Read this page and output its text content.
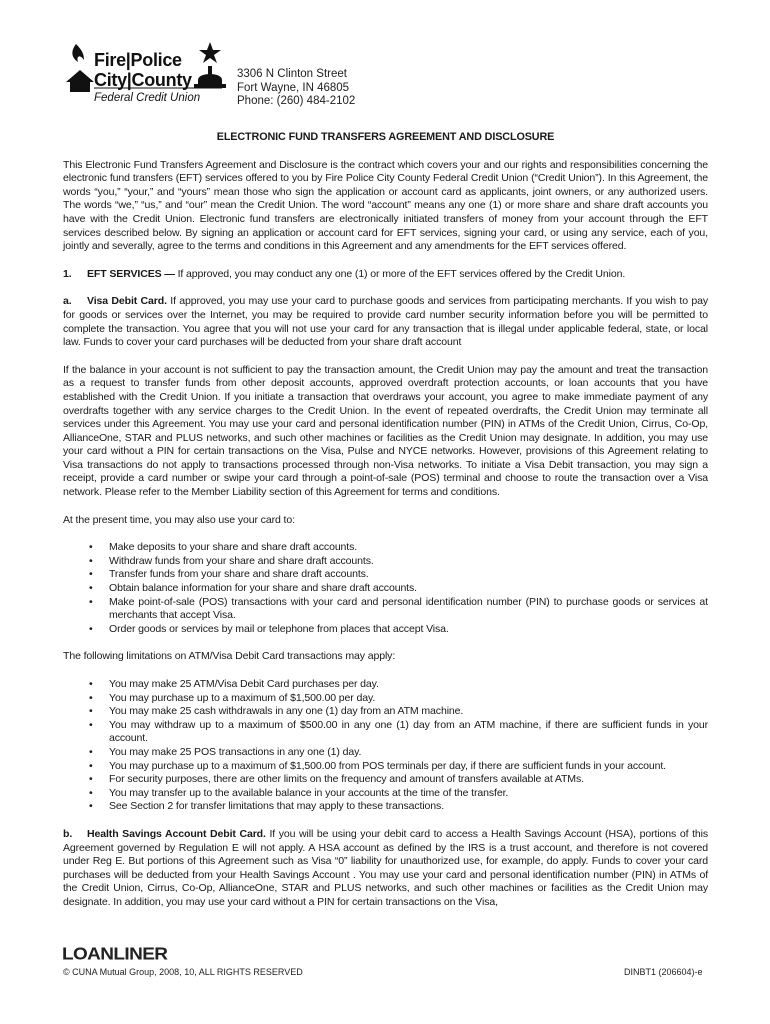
Fire|Police
City|County
Federal Credit Union
3306 N Clinton Street
Fort Wayne, IN 46805
Phone: (260) 484-2102
ELECTRONIC FUND TRANSFERS AGREEMENT AND DISCLOSURE

This Electronic Fund Transfers Agreement and Disclosure is the contract which covers your and our rights and responsibilities concerning the electronic fund transfers (EFT) services offered to you by Fire Police City County Federal Credit Union (“Credit Union”). In this Agreement, the words “you,” “your,” and “yours” mean those who sign the application or account card as applicants, joint owners, or any authorized users. The words “we,” “us,” and “our” mean the Credit Union. The word “account” means any one (1) or more share and share draft accounts you have with the Credit Union. Electronic fund transfers are electronically initiated transfers of money from your account through the EFT services described below. By signing an application or account card for EFT services, signing your card, or using any service, each of you, jointly and severally, agree to the terms and conditions in this Agreement and any amendments for the EFT services offered.

1. EFT SERVICES — If approved, you may conduct any one (1) or more of the EFT services offered by the Credit Union.

a. Visa Debit Card. If approved, you may use your card to purchase goods and services from participating merchants. If you wish to pay for goods or services over the Internet, you may be required to provide card number security information before you will be permitted to complete the transaction. You agree that you will not use your card for any transaction that is illegal under applicable federal, state, or local law. Funds to cover your card purchases will be deducted from your share draft account

If the balance in your account is not sufficient to pay the transaction amount, the Credit Union may pay the amount and treat the transaction as a request to transfer funds from other deposit accounts, approved overdraft protection accounts, or loan accounts that you have established with the Credit Union. If you initiate a transaction that overdraws your account, you agree to make immediate payment of any overdrafts together with any service charges to the Credit Union. In the event of repeated overdrafts, the Credit Union may terminate all services under this Agreement. You may use your card and personal identification number (PIN) in ATMs of the Credit Union, Cirrus, Co-Op, AllianceOne, STAR and PLUS networks, and such other machines or facilities as the Credit Union may designate. In addition, you may use your card without a PIN for certain transactions on the Visa, Pulse and NYCE networks. However, provisions of this Agreement relating to Visa transactions do not apply to transactions processed through non-Visa networks. To initiate a Visa Debit transaction, you may sign a receipt, provide a card number or swipe your card through a point-of-sale (POS) terminal and choose to route the transaction over a Visa network. Please refer to the Member Liability section of this Agreement for terms and conditions.

At the present time, you may also use your card to:

• Make deposits to your share and share draft accounts.
• Withdraw funds from your share and share draft accounts.
• Transfer funds from your share and share draft accounts.
• Obtain balance information for your share and share draft accounts.
• Make point-of-sale (POS) transactions with your card and personal identification number (PIN) to purchase goods or services at merchants that accept Visa.
• Order goods or services by mail or telephone from places that accept Visa.

The following limitations on ATM/Visa Debit Card transactions may apply:

• You may make 25 ATM/Visa Debit Card purchases per day.
• You may purchase up to a maximum of $1,500.00 per day.
• You may make 25 cash withdrawals in any one (1) day from an ATM machine.
• You may withdraw up to a maximum of $500.00 in any one (1) day from an ATM machine, if there are sufficient funds in your account.
• You may make 25 POS transactions in any one (1) day.
• You may purchase up to a maximum of $1,500.00 from POS terminals per day, if there are sufficient funds in your account.
• For security purposes, there are other limits on the frequency and amount of transfers available at ATMs.
• You may transfer up to the available balance in your accounts at the time of the transfer.
• See Section 2 for transfer limitations that may apply to these transactions.

b. Health Savings Account Debit Card. If you will be using your debit card to access a Health Savings Account (HSA), portions of this Agreement governed by Regulation E will not apply. A HSA account as defined by the IRS is a trust account, and therefore is not covered under Reg E. But portions of this Agreement such as Visa “0” liability for unauthorized use, for example, do apply. Funds to cover your card purchases will be deducted from your Health Savings Account . You may use your card and personal identification number (PIN) in ATMs of the Credit Union, Cirrus, Co-Op, AllianceOne, STAR and PLUS networks, and such other machines or facilities as the Credit Union may designate. In addition, you may use your card without a PIN for certain transactions on the Visa,

LOANLINER
© CUNA Mutual Group, 2008, 10, ALL RIGHTS RESERVED	DINBT1 (206604)-e
